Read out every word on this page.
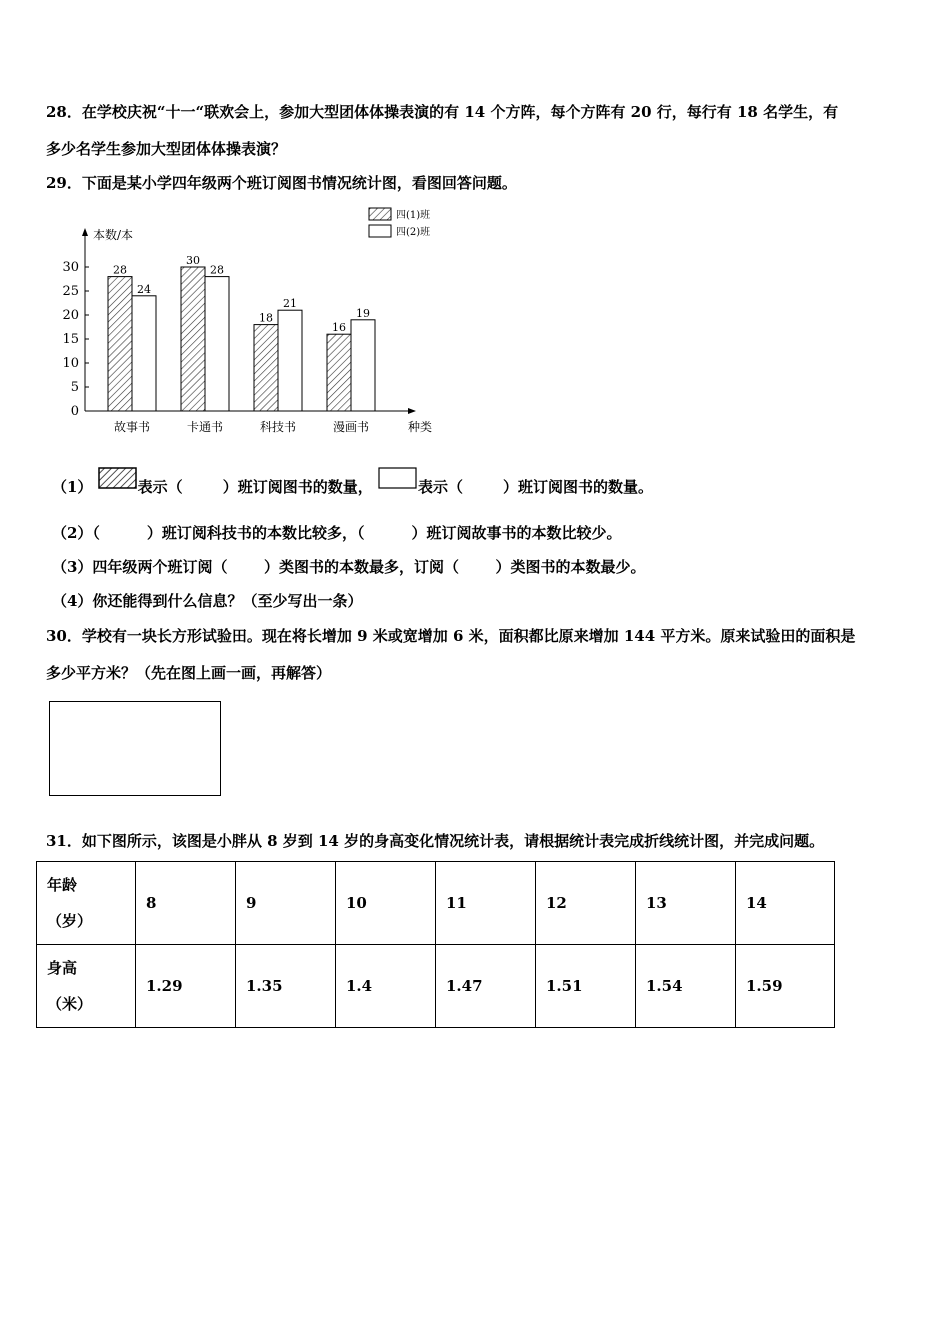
28．在学校庆祝“十一“联欢会上，参加大型团体体操表演的有 14 个方阵，每个方阵有 20 行，每行有 18 名学生，有
多少名学生参加大型团体体操表演？
29．下面是某小学四年级两个班订阅图书情况统计图，看图回答问题。
本数/本
种类
0
5
10
15
20
25
30	28
24
故事书
30
28
卡通书
18
21
科技书
16
19
漫画书
四(1)班
四(2)班
（1）	表示（	）班订阅图书的数量，	表示（	）班订阅图书的数量。
（2）（         ）班订阅科技书的本数比较多，（         ）班订阅故事书的本数比较少。
（3）四年级两个班订阅（       ）类图书的本数最多，订阅（       ）类图书的本数最少。
（4）你还能得到什么信息？（至少写出一条）
30．学校有一块长方形试验田。现在将长增加 9 米或宽增加 6 米，面积都比原来增加 144 平方米。原来试验田的面积是
多少平方米？（先在图上画一画，再解答）
31．如下图所示，该图是小胖从 8 岁到 14 岁的身高变化情况统计表，请根据统计表完成折线统计图，并完成问题。
年龄
（岁）	8	9	10	11	12	13	14

身高
（米）	1.29	1.35	1.4	1.47	1.51	1.54	1.59
